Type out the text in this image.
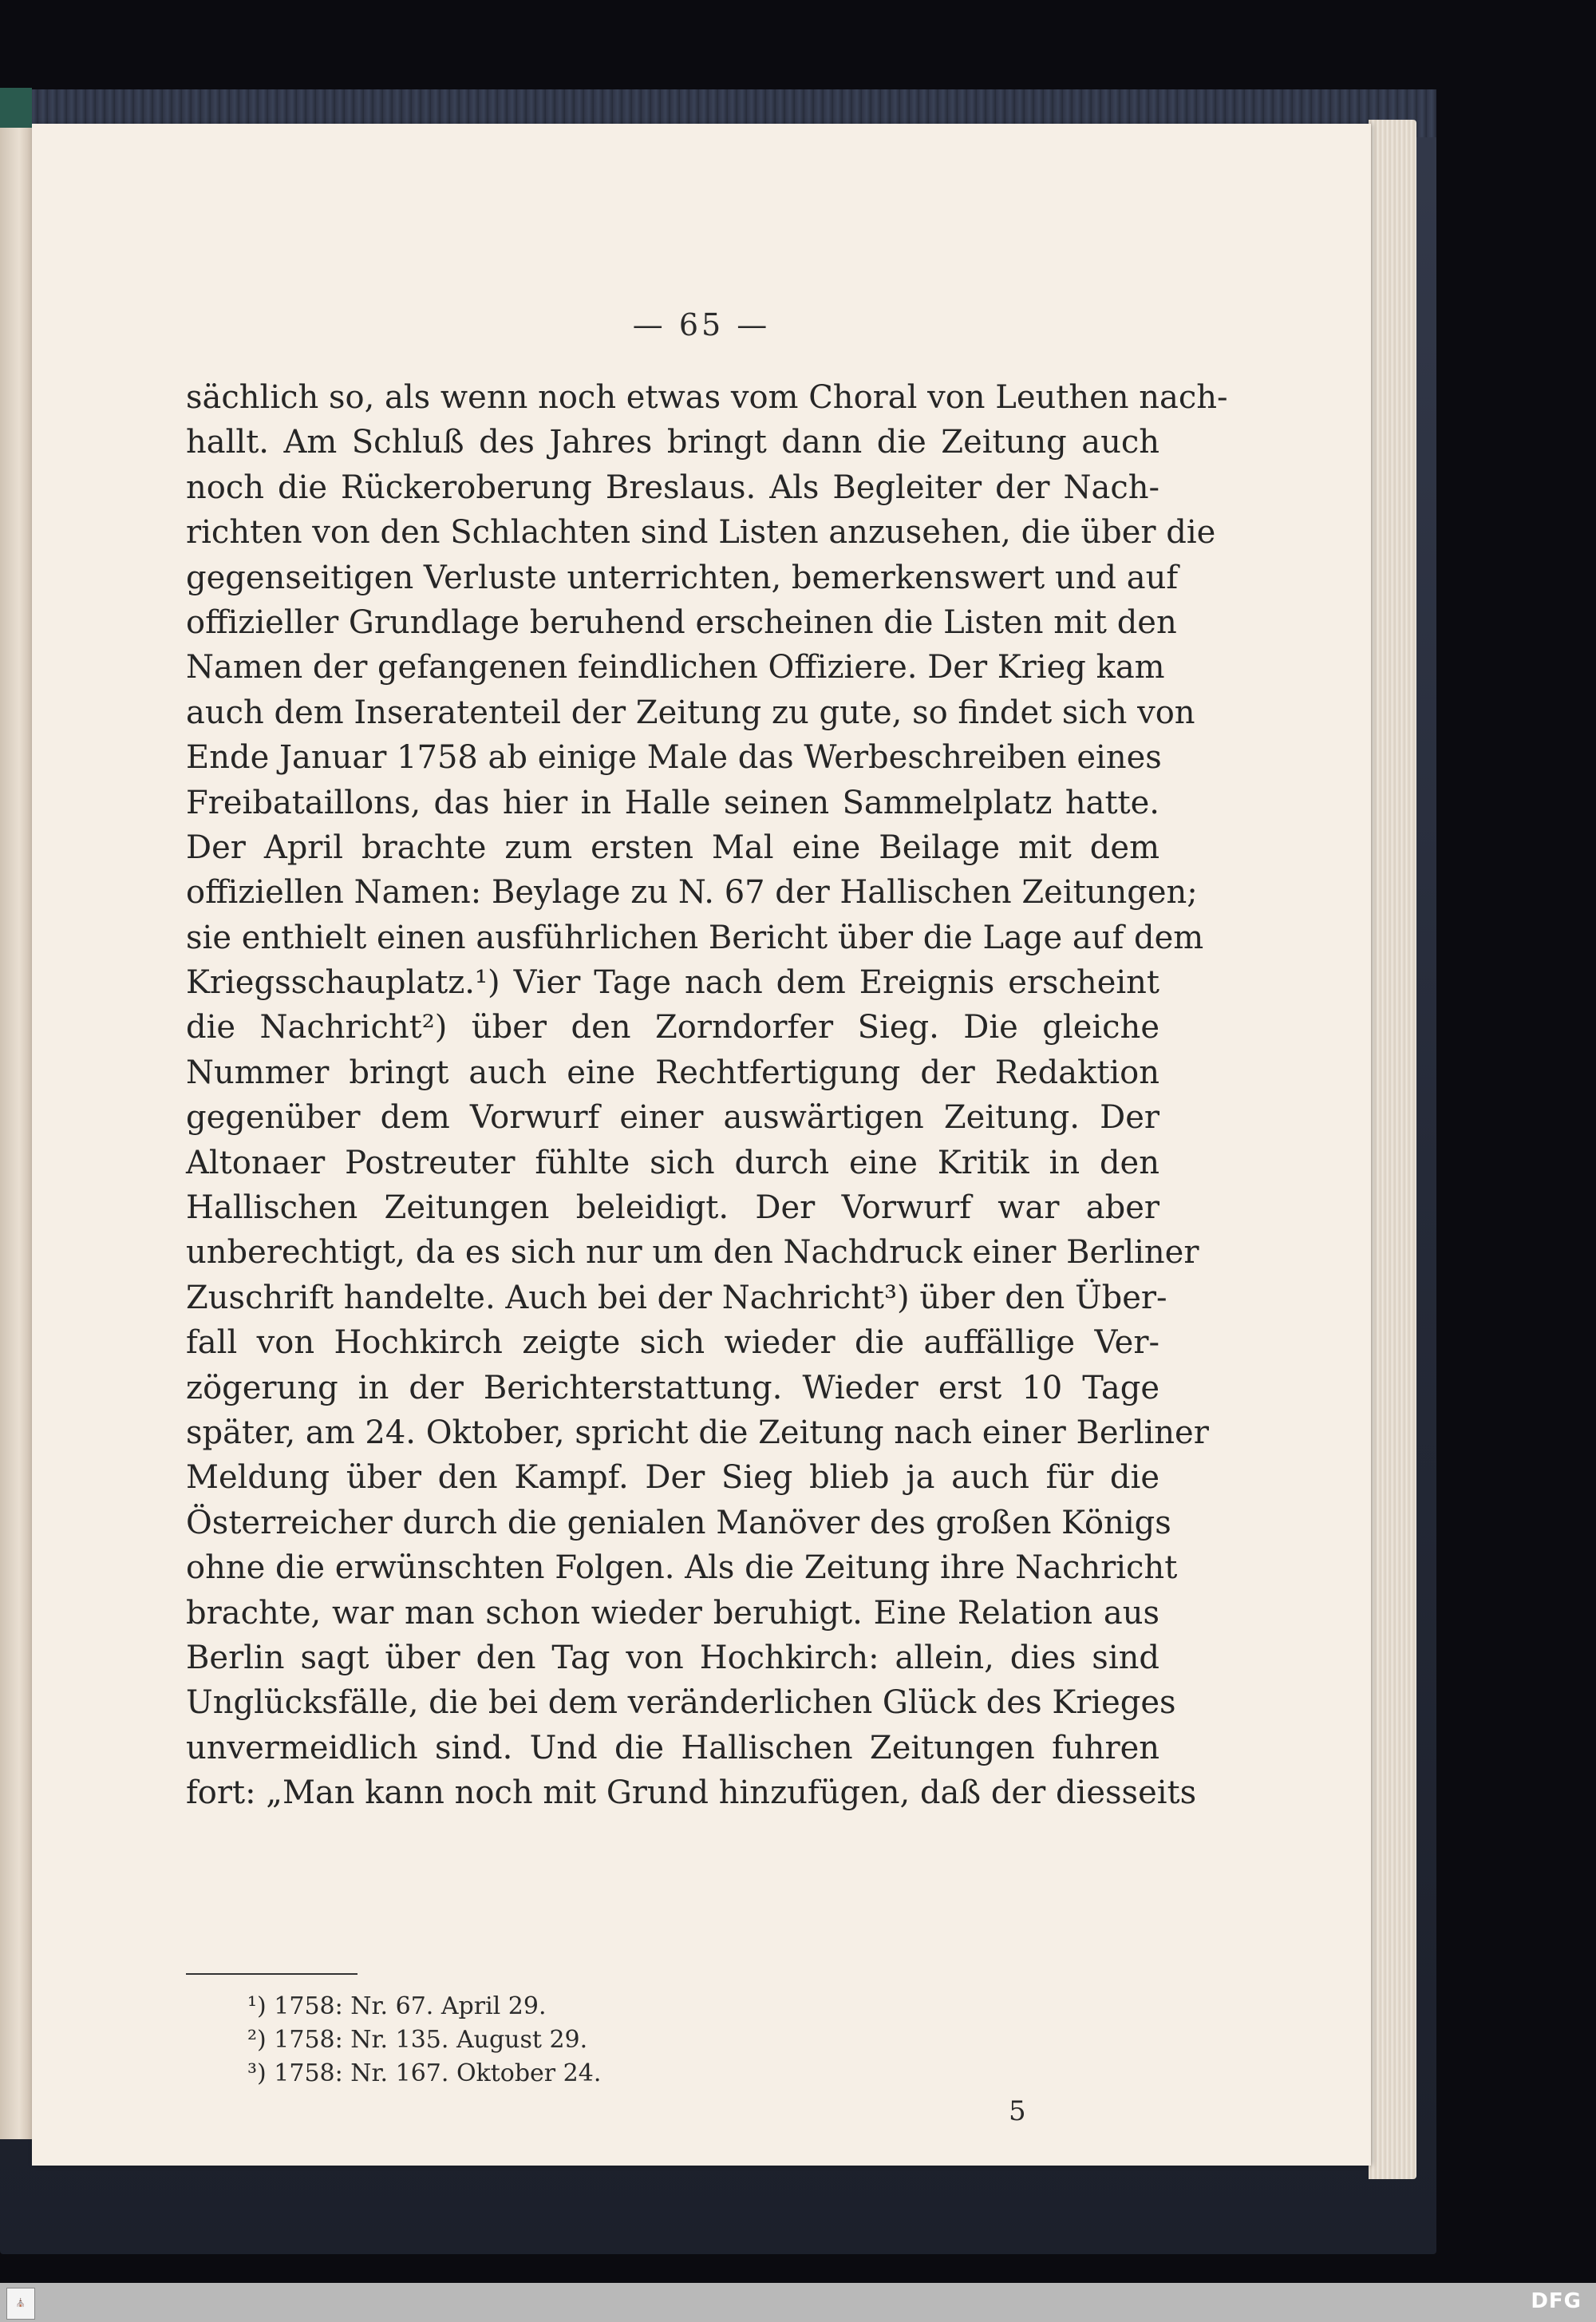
— 65 —
sächlich so, als wenn noch etwas vom Choral von Leuthen nach-
hallt. Am Schluß des Jahres bringt dann die Zeitung auch
noch die Rückeroberung Breslaus. Als Begleiter der Nach-
richten von den Schlachten sind Listen anzusehen, die über die
gegenseitigen Verluste unterrichten, bemerkenswert und auf
offizieller Grundlage beruhend erscheinen die Listen mit den
Namen der gefangenen feindlichen Offiziere. Der Krieg kam
auch dem Inseratenteil der Zeitung zu gute, so findet sich von
Ende Januar 1758 ab einige Male das Werbeschreiben eines
Freibataillons, das hier in Halle seinen Sammelplatz hatte.
Der April brachte zum ersten Mal eine Beilage mit dem
offiziellen Namen: Beylage zu N. 67 der Hallischen Zeitungen;
sie enthielt einen ausführlichen Bericht über die Lage auf dem
Kriegsschauplatz.¹) Vier Tage nach dem Ereignis erscheint
die Nachricht²) über den Zorndorfer Sieg. Die gleiche
Nummer bringt auch eine Rechtfertigung der Redaktion
gegenüber dem Vorwurf einer auswärtigen Zeitung. Der
Altonaer Postreuter fühlte sich durch eine Kritik in den
Hallischen Zeitungen beleidigt. Der Vorwurf war aber
unberechtigt, da es sich nur um den Nachdruck einer Berliner
Zuschrift handelte. Auch bei der Nachricht³) über den Über-
fall von Hochkirch zeigte sich wieder die auffällige Ver-
zögerung in der Berichterstattung. Wieder erst 10 Tage
später, am 24. Oktober, spricht die Zeitung nach einer Berliner
Meldung über den Kampf. Der Sieg blieb ja auch für die
Österreicher durch die genialen Manöver des großen Königs
ohne die erwünschten Folgen. Als die Zeitung ihre Nachricht
brachte, war man schon wieder beruhigt. Eine Relation aus
Berlin sagt über den Tag von Hochkirch: allein, dies sind
Unglücksfälle, die bei dem veränderlichen Glück des Krieges
unvermeidlich sind. Und die Hallischen Zeitungen fuhren
fort: „Man kann noch mit Grund hinzufügen, daß der diesseits
¹) 1758: Nr. 67. April 29.
²) 1758: Nr. 135. August 29.
³) 1758: Nr. 167. Oktober 24.
5
⛪	DFG
